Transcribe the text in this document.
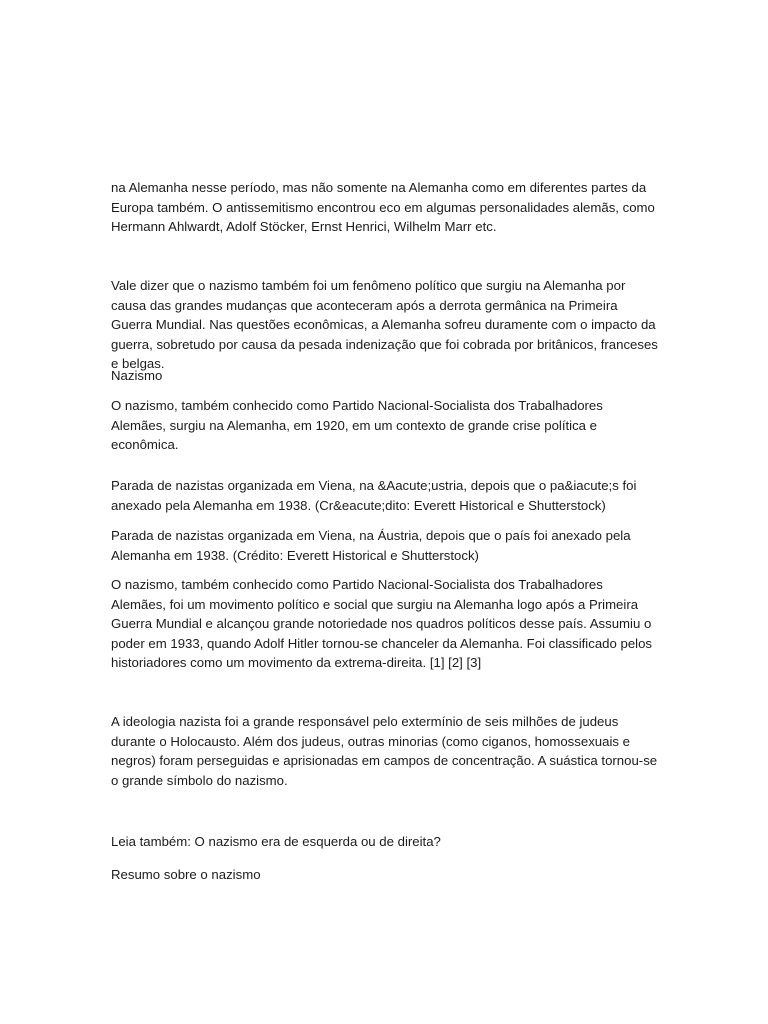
na Alemanha nesse período, mas não somente na Alemanha como em diferentes partes da Europa também. O antissemitismo encontrou eco em algumas personalidades alemãs, como Hermann Ahlwardt, Adolf Stöcker, Ernst Henrici, Wilhelm Marr etc.

Vale dizer que o nazismo também foi um fenômeno político que surgiu na Alemanha por causa das grandes mudanças que aconteceram após a derrota germânica na Primeira Guerra Mundial. Nas questões econômicas, a Alemanha sofreu duramente com o impacto da guerra, sobretudo por causa da pesada indenização que foi cobrada por britânicos, franceses e belgas.

Nazismo

O nazismo, também conhecido como Partido Nacional-Socialista dos Trabalhadores Alemães, surgiu na Alemanha, em 1920, em um contexto de grande crise política e econômica.

Parada de nazistas organizada em Viena, na &Aacute;ustria, depois que o pa&iacute;s foi anexado pela Alemanha em 1938. (Cr&eacute;dito: Everett Historical e Shutterstock)

Parada de nazistas organizada em Viena, na Áustria, depois que o país foi anexado pela Alemanha em 1938. (Crédito: Everett Historical e Shutterstock)

O nazismo, também conhecido como Partido Nacional-Socialista dos Trabalhadores Alemães, foi um movimento político e social que surgiu na Alemanha logo após a Primeira Guerra Mundial e alcançou grande notoriedade nos quadros políticos desse país. Assumiu o poder em 1933, quando Adolf Hitler tornou-se chanceler da Alemanha. Foi classificado pelos historiadores como um movimento da extrema-direita. [1] [2] [3]

A ideologia nazista foi a grande responsável pelo extermínio de seis milhões de judeus durante o Holocausto. Além dos judeus, outras minorias (como ciganos, homossexuais e negros) foram perseguidas e aprisionadas em campos de concentração. A suástica tornou-se o grande símbolo do nazismo.

Leia também: O nazismo era de esquerda ou de direita?

Resumo sobre o nazismo
